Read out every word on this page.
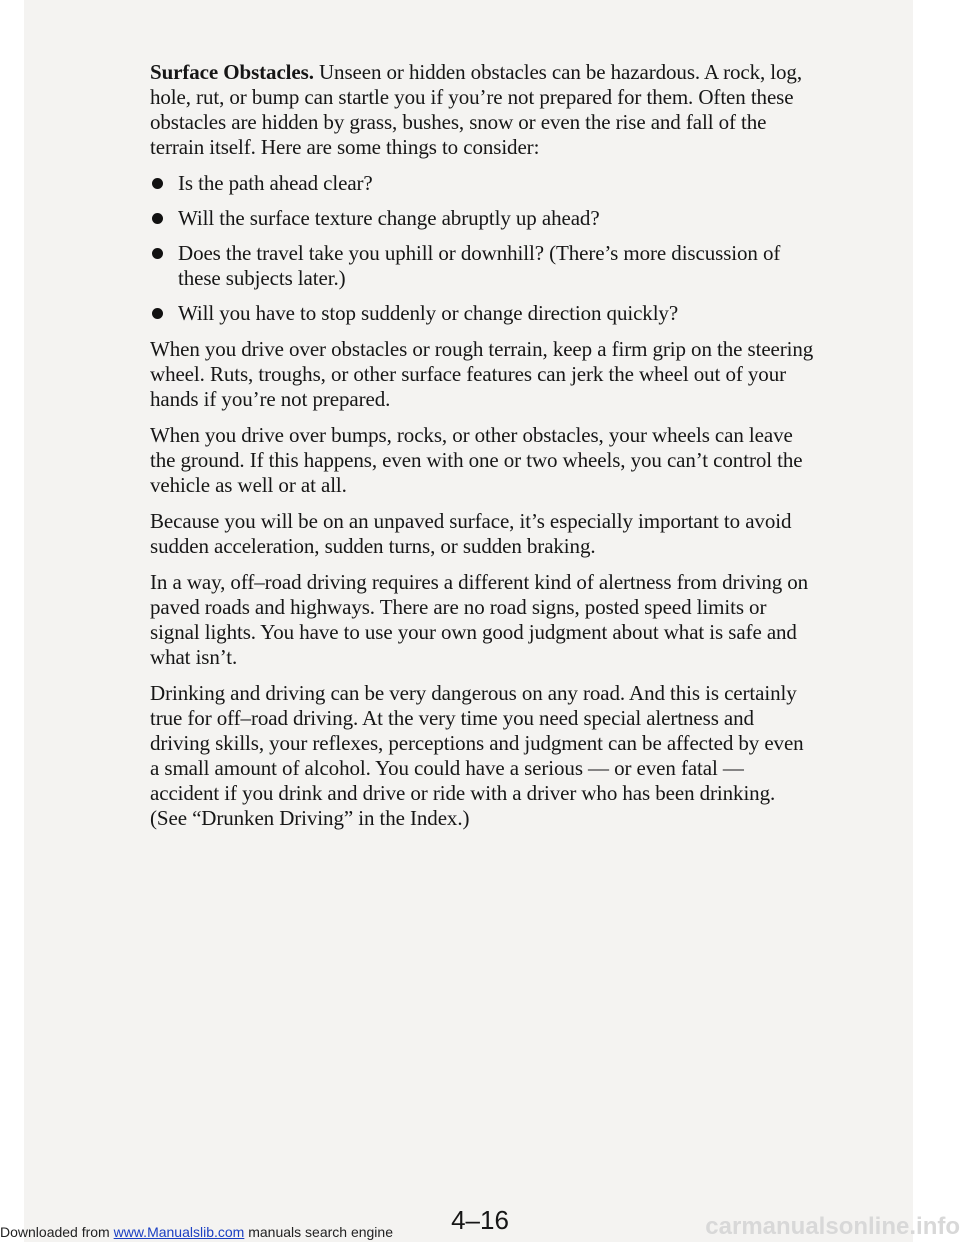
Surface Obstacles. Unseen or hidden obstacles can be hazardous. A rock, log, hole, rut, or bump can startle you if you’re not prepared for them. Often these obstacles are hidden by grass, bushes, snow or even the rise and fall of the terrain itself. Here are some things to consider:

Is the path ahead clear?
Will the surface texture change abruptly up ahead?
Does the travel take you uphill or downhill? (There’s more discussion of these subjects later.)
Will you have to stop suddenly or change direction quickly?

When you drive over obstacles or rough terrain, keep a firm grip on the steering wheel. Ruts, troughs, or other surface features can jerk the wheel out of your hands if you’re not prepared.

When you drive over bumps, rocks, or other obstacles, your wheels can leave the ground. If this happens, even with one or two wheels, you can’t control the vehicle as well or at all.

Because you will be on an unpaved surface, it’s especially important to avoid sudden acceleration, sudden turns, or sudden braking.

In a way, off–road driving requires a different kind of alertness from driving on paved roads and highways. There are no road signs, posted speed limits or signal lights. You have to use your own good judgment about what is safe and what isn’t.

Drinking and driving can be very dangerous on any road. And this is certainly true for off–road driving. At the very time you need special alertness and driving skills, your reflexes, perceptions and judgment can be affected by even a small amount of alcohol. You could have a serious — or even fatal — accident if you drink and drive or ride with a driver who has been drinking. (See “Drunken Driving” in the Index.)

4–16
Downloaded from www.Manualslib.com manuals search engine	carmanualsonline.info
